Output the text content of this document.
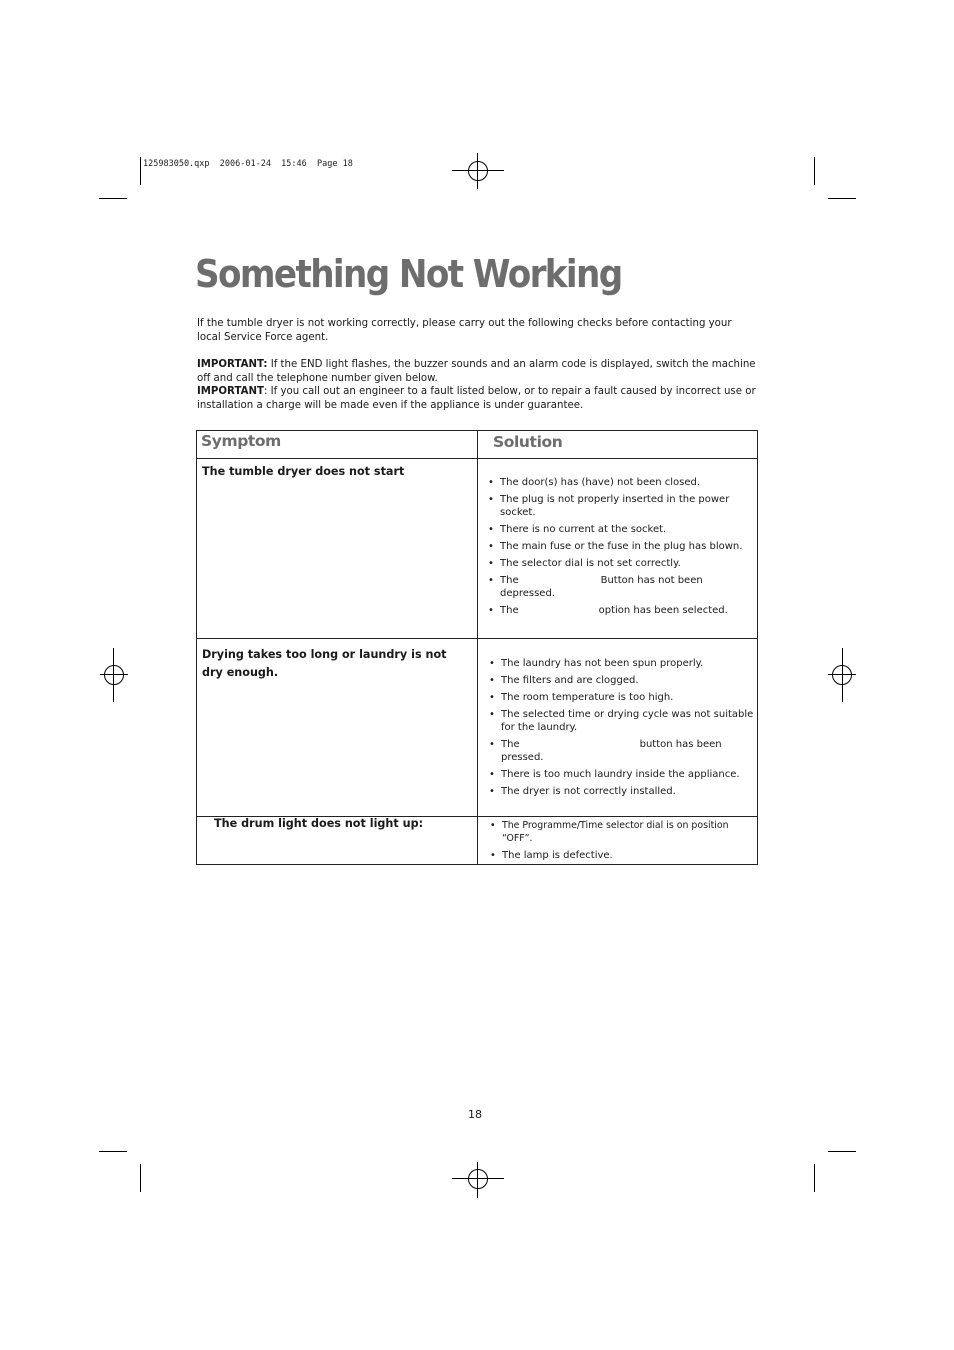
125983050.qxp  2006-01-24  15:46  Page 18
Something Not Working

If the tumble dryer is not working correctly, please carry out the following checks before contacting your local Service Force agent.

IMPORTANT: If the END light flashes, the buzzer sounds and an alarm code is displayed, switch the machine off and call the telephone number given below.

IMPORTANT: If you call out an engineer to a fault listed below, or to repair a fault caused by incorrect use or installation a charge will be made even if the appliance is under guarantee.

Symptom	Solution
The tumble dryer does not start
• The door(s) has (have) not been closed.
• The plug is not properly inserted in the power socket.
• There is no current at the socket.
• The main fuse or the fuse in the plug has blown.
• The selector dial is not set correctly.
• The	Button has not been depressed.
• The	option has been selected.
Drying takes too long or laundry is not dry enough.
• The laundry has not been spun properly.
• The filters and are clogged.
• The room temperature is too high.
• The selected time or drying cycle was not suitable for the laundry.
• The	button has been pressed.
• There is too much laundry inside the appliance.
• The dryer is not correctly installed.
The drum light does not light up:
•	The Programme/Time selector dial is on position “OFF”.
• The lamp is defective.
18
